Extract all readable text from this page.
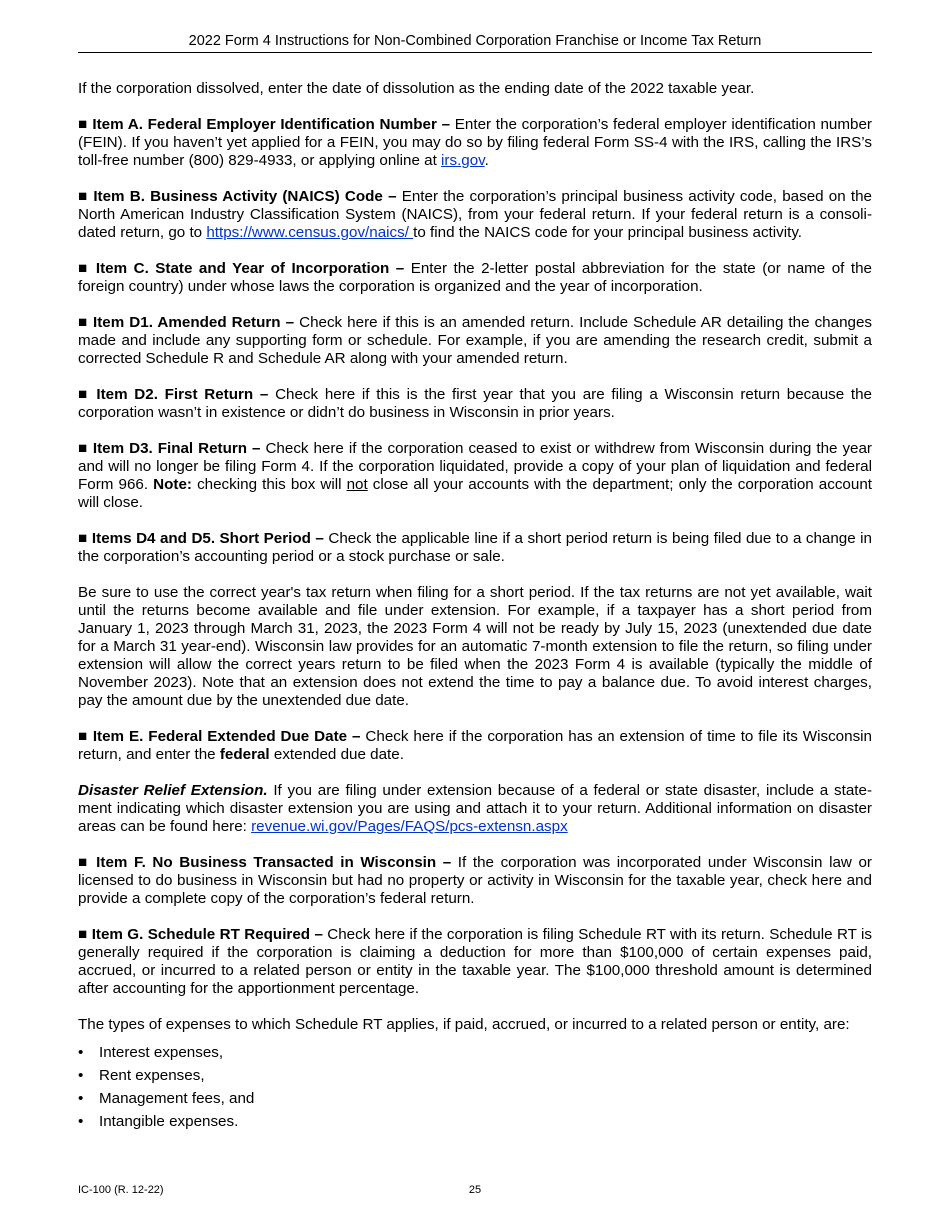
2022 Form 4 Instructions for Non-Combined Corporation Franchise or Income Tax Return

If the corporation dissolved, enter the date of dissolution as the ending date of the 2022 taxable year.

■ Item A. Federal Employer Identification Number – Enter the corporation’s federal employer identification number (FEIN). If you haven’t yet applied for a FEIN, you may do so by filing federal Form SS-4 with the IRS, calling the IRS’s toll-free number (800) 829-4933, or applying online at irs.gov.

■ Item B. Business Activity (NAICS) Code – Enter the corporation’s principal business activity code, based on the North American Industry Classification System (NAICS), from your federal return. If your federal return is a consolidated return, go to https://www.census.gov/naics/ to find the NAICS code for your principal business activity.

■ Item C. State and Year of Incorporation – Enter the 2-letter postal abbreviation for the state (or name of the foreign country) under whose laws the corporation is organized and the year of incorporation.

■ Item D1. Amended Return – Check here if this is an amended return. Include Schedule AR detailing the changes made and include any supporting form or schedule. For example, if you are amending the research credit, submit a corrected Schedule R and Schedule AR along with your amended return.

■ Item D2. First Return – Check here if this is the first year that you are filing a Wisconsin return because the corporation wasn’t in existence or didn’t do business in Wisconsin in prior years.

■ Item D3. Final Return – Check here if the corporation ceased to exist or withdrew from Wisconsin during the year and will no longer be filing Form 4. If the corporation liquidated, provide a copy of your plan of liquidation and federal Form 966. Note: checking this box will not close all your accounts with the department; only the corporation account will close.

■ Items D4 and D5. Short Period – Check the applicable line if a short period return is being filed due to a change in the corporation’s accounting period or a stock purchase or sale.

Be sure to use the correct year's tax return when filing for a short period. If the tax returns are not yet available, wait until the returns become available and file under extension. For example, if a taxpayer has a short period from January 1, 2023 through March 31, 2023, the 2023 Form 4 will not be ready by July 15, 2023 (unextended due date for a March 31 year-end). Wisconsin law provides for an automatic 7-month extension to file the return, so filing under extension will allow the correct years return to be filed when the 2023 Form 4 is available (typically the middle of November 2023). Note that an extension does not extend the time to pay a balance due. To avoid interest charges, pay the amount due by the unextended due date.

■ Item E. Federal Extended Due Date – Check here if the corporation has an extension of time to file its Wisconsin return, and enter the federal extended due date.

Disaster Relief Extension. If you are filing under extension because of a federal or state disaster, include a statement indicating which disaster extension you are using and attach it to your return. Additional information on disaster areas can be found here: revenue.wi.gov/Pages/FAQS/pcs-extensn.aspx

■ Item F. No Business Transacted in Wisconsin – If the corporation was incorporated under Wisconsin law or licensed to do business in Wisconsin but had no property or activity in Wisconsin for the taxable year, check here and provide a complete copy of the corporation’s federal return.

■ Item G. Schedule RT Required – Check here if the corporation is filing Schedule RT with its return. Schedule RT is generally required if the corporation is claiming a deduction for more than $100,000 of certain expenses paid, accrued, or incurred to a related person or entity in the taxable year. The $100,000 threshold amount is determined after accounting for the apportionment percentage.

The types of expenses to which Schedule RT applies, if paid, accrued, or incurred to a related person or entity, are:

• Interest expenses,
• Rent expenses,
• Management fees, and
• Intangible expenses.
IC-100 (R. 12-22)	25
